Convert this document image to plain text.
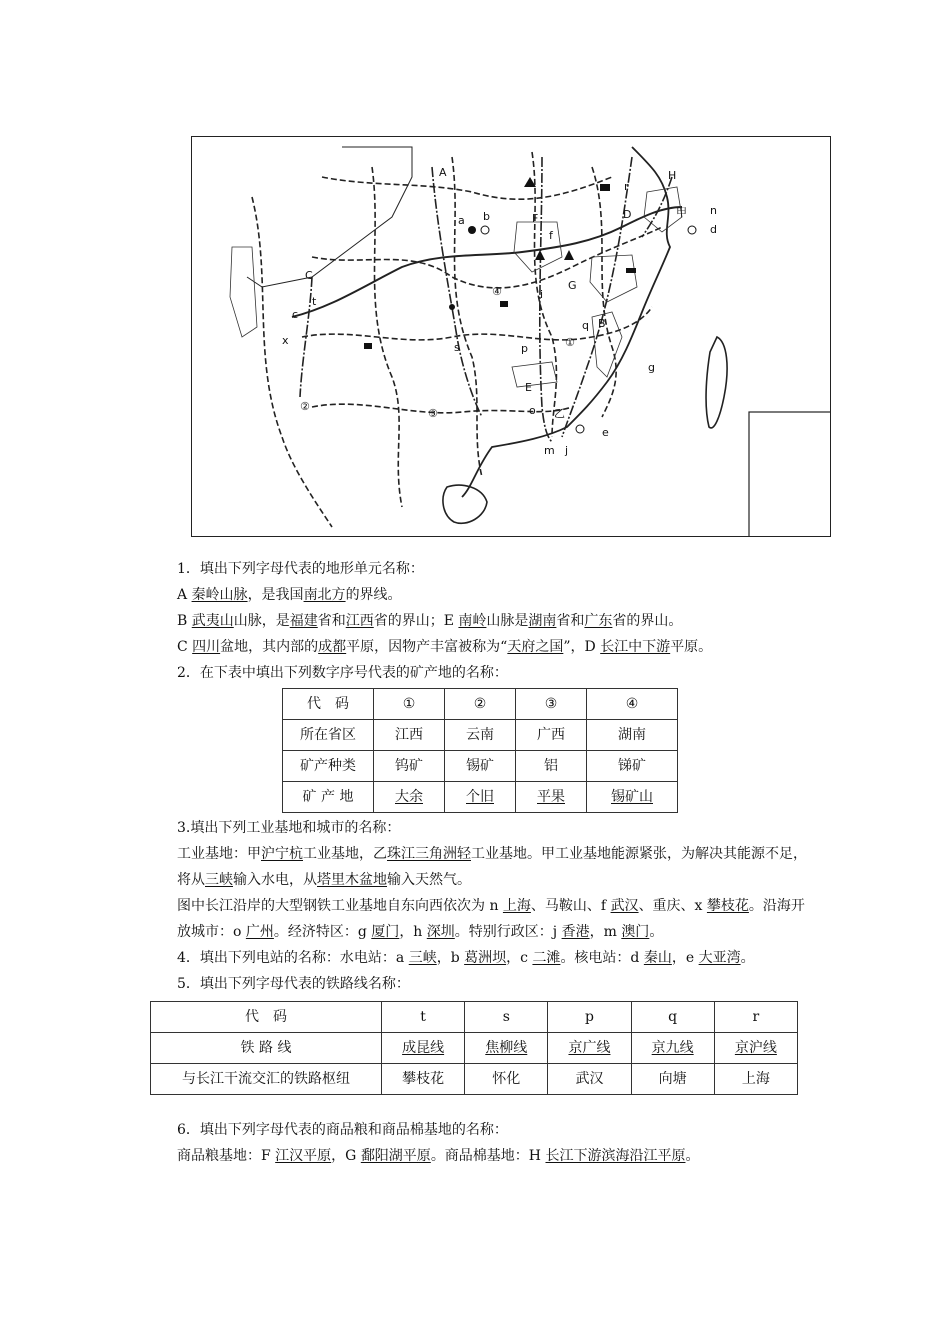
A
B
C
D
E
F
G
H
a b
c
d
e
f
g
i
j
m
n
o
p
q
r
s
t
x
甲
乙
①
②
③
④
1．填出下列字母代表的地形单元名称：
A 秦岭山脉，是我国南北方的界线。
B 武夷山山脉，是福建省和江西省的界山；E 南岭山脉是湖南省和广东省的界山。
C 四川盆地，其内部的成都平原，因物产丰富被称为“天府之国”，D 长江中下游平原。
2．在下表中填出下列数字序号代表的矿产地的名称：
代　码	①	②	③	④
所在省区	江西	云南	广西	湖南
矿产种类	钨矿	锡矿	铝	锑矿
矿 产 地	大余	个旧	平果	锡矿山
3.填出下列工业基地和城市的名称：
工业基地：甲沪宁杭工业基地，乙珠江三角洲轻工业基地。甲工业基地能源紧张，为解决其能源不足，将从三峡输入水电，从塔里木盆地输入天然气。
图中长江沿岸的大型钢铁工业基地自东向西依次为 n 上海、马鞍山、f 武汉、重庆、x 攀枝花。沿海开放城市：o 广州。经济特区：g 厦门，h 深圳。特别行政区：j 香港，m 澳门。
4．填出下列电站的名称：水电站：a 三峡，b 葛洲坝，c 二滩。核电站：d 秦山，e 大亚湾。
5．填出下列字母代表的铁路线名称：
代　码	t	s	p	q	r
铁 路 线	成昆线	焦柳线	京广线	京九线	京沪线
与长江干流交汇的铁路枢纽	攀枝花	怀化	武汉	向塘	上海
6．填出下列字母代表的商品粮和商品棉基地的名称：
商品粮基地：F 江汉平原，G 鄱阳湖平原。商品棉基地：H 长江下游滨海沿江平原。
